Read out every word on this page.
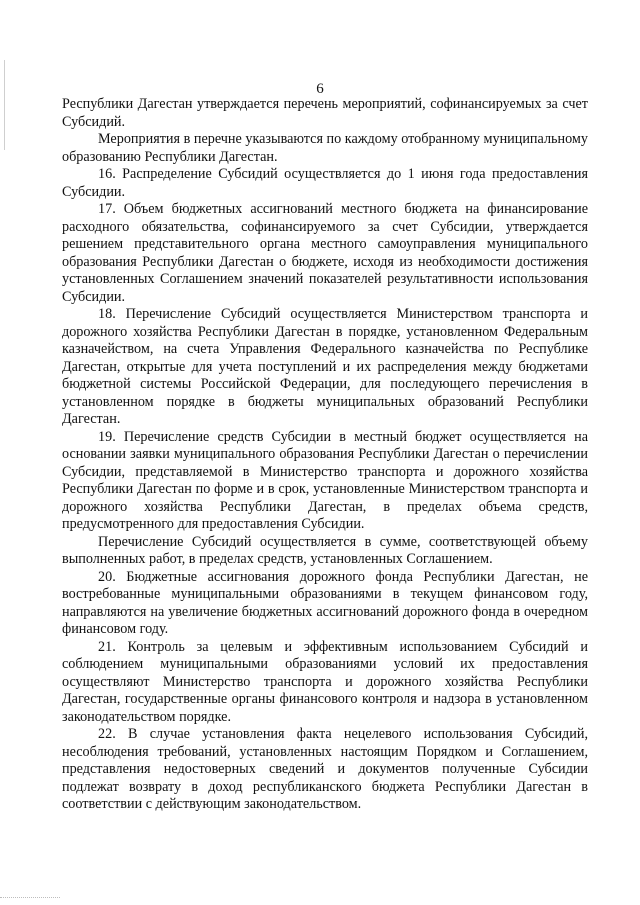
6

Республики Дагестан утверждается перечень мероприятий, софинансируемых за счет Субсидий.

Мероприятия в перечне указываются по каждому отобранному муниципальному образованию Республики Дагестан.

16. Распределение Субсидий осуществляется до 1 июня года предоставления Субсидии.

17. Объем бюджетных ассигнований местного бюджета на финансирование расходного обязательства, софинансируемого за счет Субсидии, утверждается решением представительного органа местного самоуправления муниципального образования Республики Дагестан о бюджете, исходя из необходимости достижения установленных Соглашением значений показателей результативности использования Субсидии.

18. Перечисление Субсидий осуществляется Министерством транспорта и дорожного хозяйства Республики Дагестан в порядке, установленном Федеральным казначейством, на счета Управления Федерального казначейства по Республике Дагестан, открытые для учета поступлений и их распределения между бюджетами бюджетной системы Российской Федерации, для последующего перечисления в установленном порядке в бюджеты муниципальных образований Республики Дагестан.

19. Перечисление средств Субсидии в местный бюджет осуществляется на основании заявки муниципального образования Республики Дагестан о перечислении Субсидии, представляемой в Министерство транспорта и дорожного хозяйства Республики Дагестан по форме и в срок, установленные Министерством транспорта и дорожного хозяйства Республики Дагестан, в пределах объема средств, предусмотренного для предоставления Субсидии.

Перечисление Субсидий осуществляется в сумме, соответствующей объему выполненных работ, в пределах средств, установленных Соглашением.

20. Бюджетные ассигнования дорожного фонда Республики Дагестан, не востребованные муниципальными образованиями в текущем финансовом году, направляются на увеличение бюджетных ассигнований дорожного фонда в очередном финансовом году.

21. Контроль за целевым и эффективным использованием Субсидий и соблюдением муниципальными образованиями условий их предоставления осуществляют Министерство транспорта и дорожного хозяйства Республики Дагестан, государственные органы финансового контроля и надзора в установленном законодательством порядке.

22. В случае установления факта нецелевого использования Субсидий, несоблюдения требований, установленных настоящим Порядком и Соглашением, представления недостоверных сведений и документов полученные Субсидии подлежат возврату в доход республиканского бюджета Республики Дагестан в соответствии с действующим законодательством.
